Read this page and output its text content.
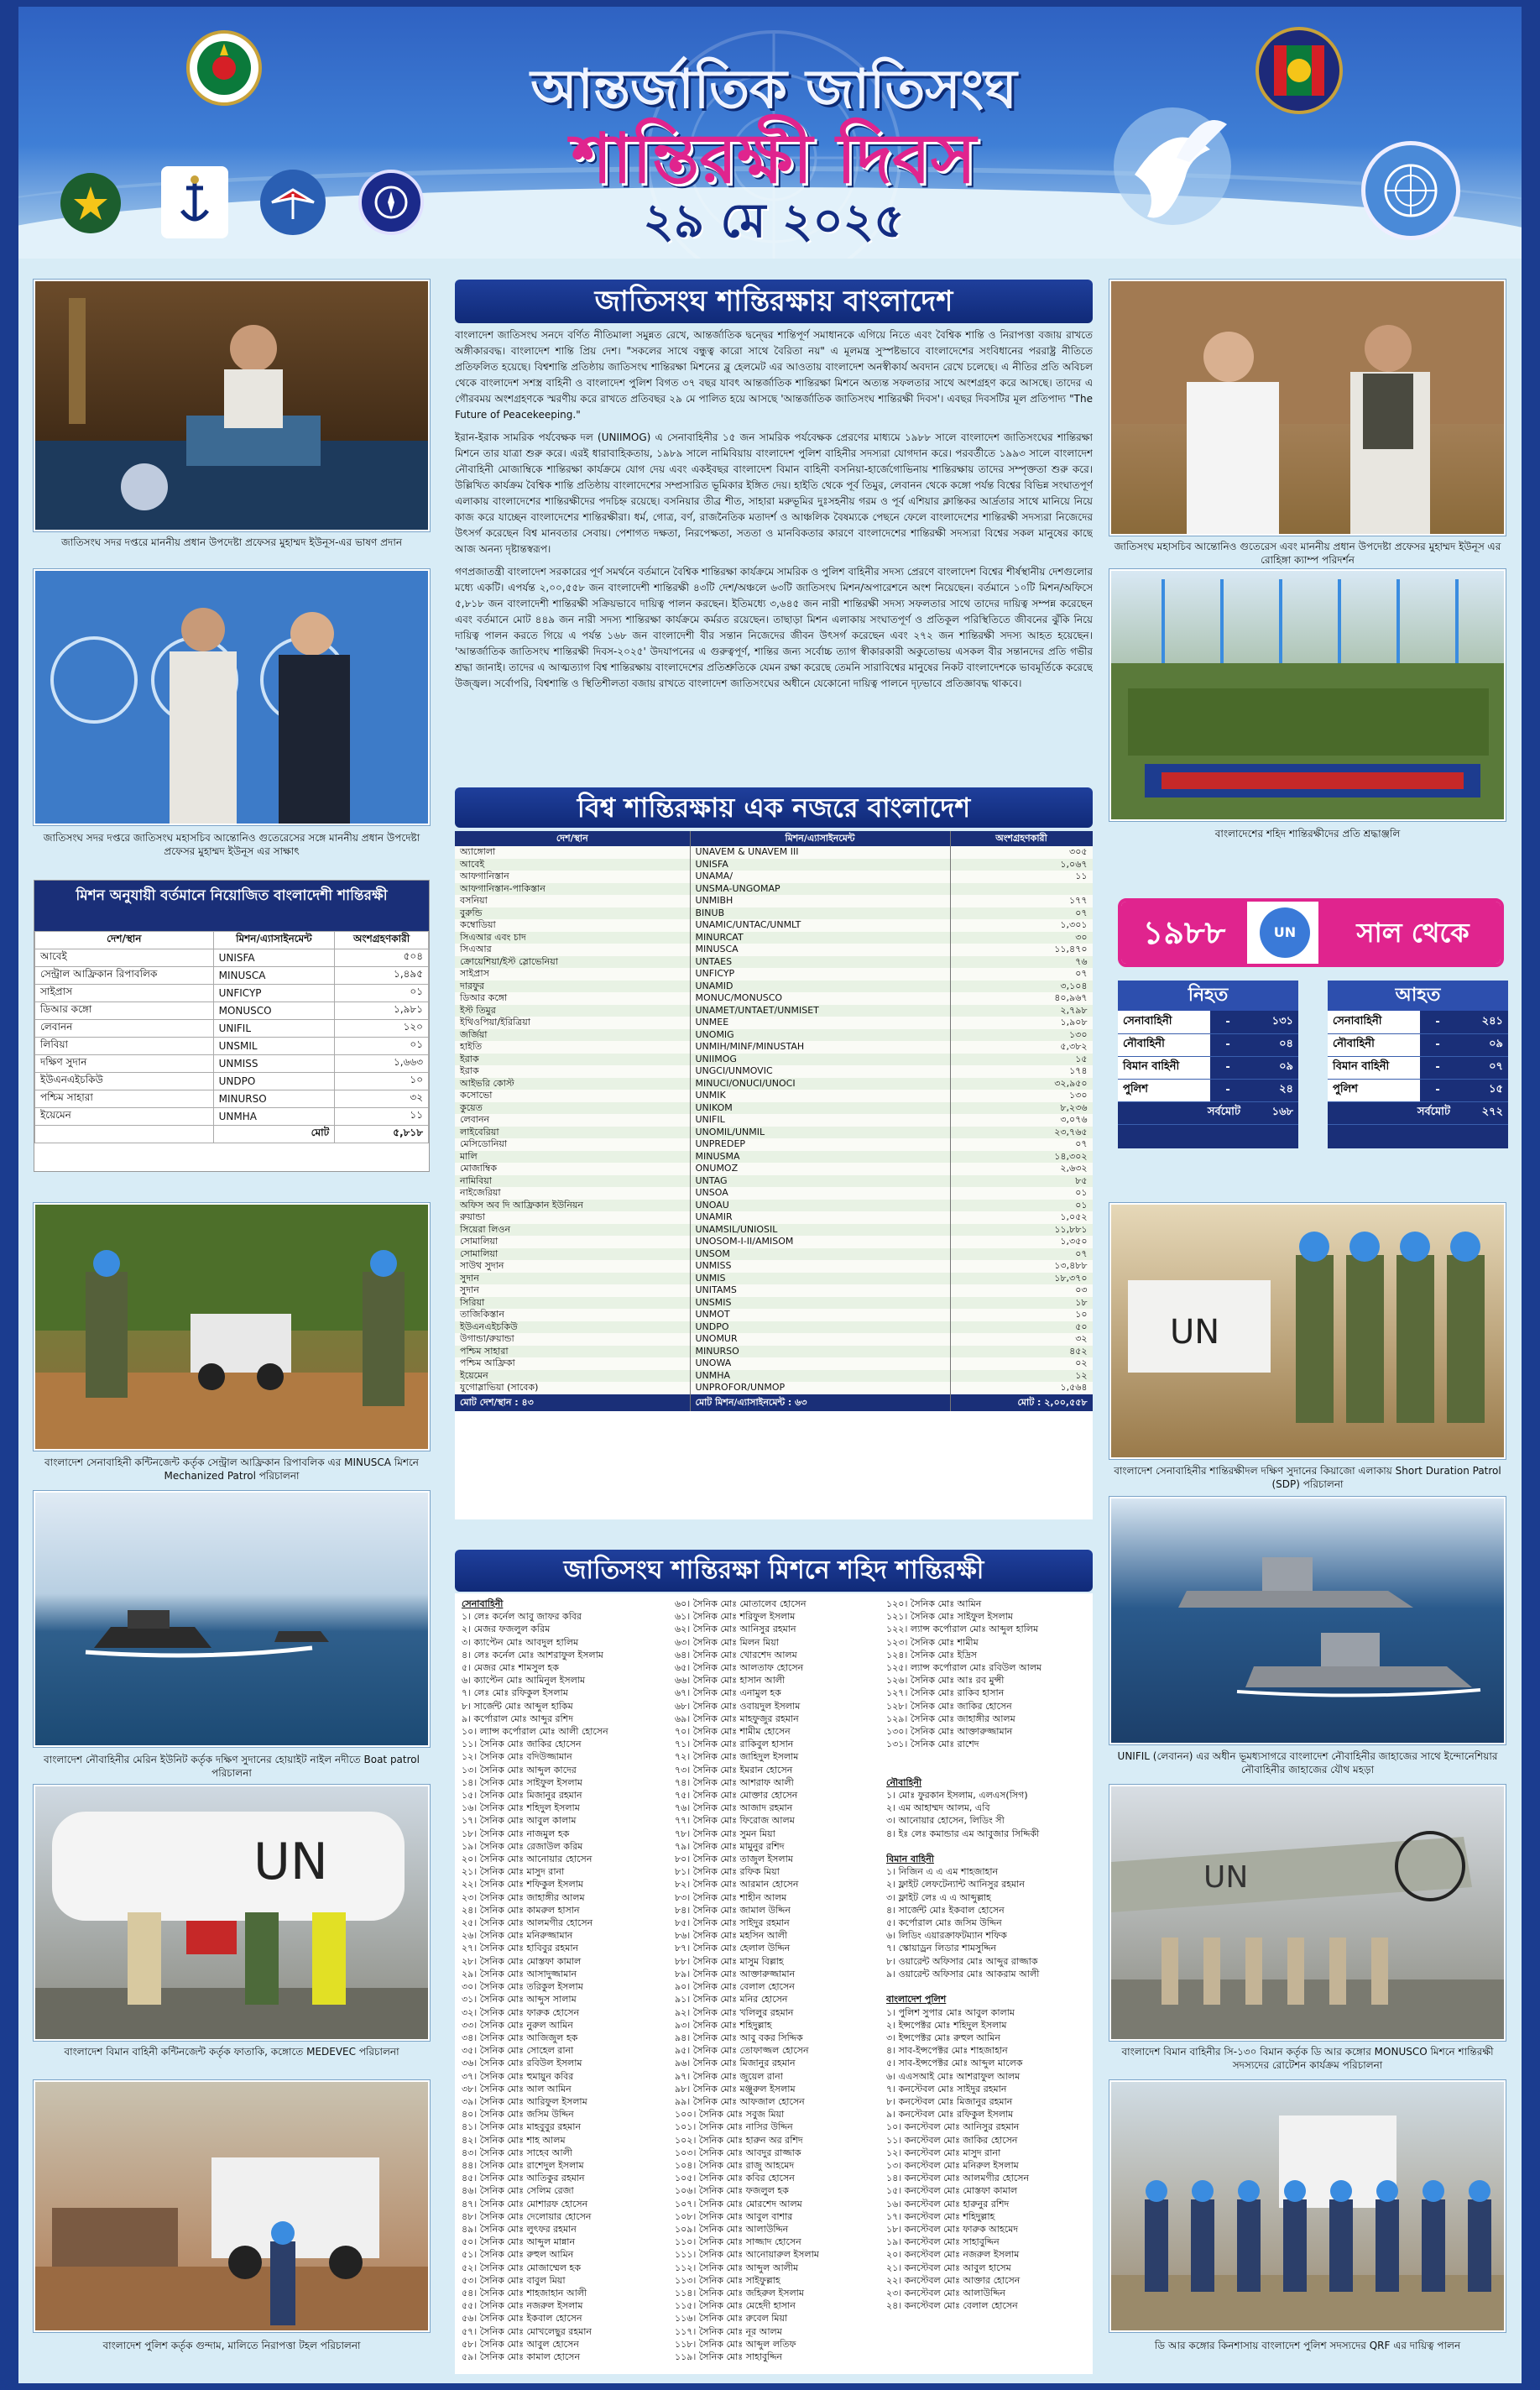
আন্তর্জাতিক জাতিসংঘ
শান্তিরক্ষী দিবস
২৯ মে ২০২৫
জাতিসংঘ সদর দপ্তরে মাননীয় প্রধান উপদেষ্টা প্রফেসর মুহাম্মদ ইউনূস-এর ভাষণ প্রদান
জাতিসংঘ সদর দপ্তরে জাতিসংঘ মহাসচিব আন্তোনিও গুতেরেসের সঙ্গে মাননীয় প্রধান উপদেষ্টা প্রফেসর মুহাম্মদ ইউনূস এর সাক্ষাৎ
মিশন অনুযায়ী বর্তমানে নিয়োজিত বাংলাদেশী শান্তিরক্ষী
দেশ/স্থান	মিশন/এ্যাসাইনমেন্ট	অংশগ্রহণকারী
আবেই	UNISFA	৫০৪
সেন্ট্রাল আফ্রিকান রিপাবলিক	MINUSCA	১,৪৯৫
সাইপ্রাস	UNFICYP	০১
ডিআর কঙ্গো	MONUSCO	১,৯৮১
লেবানন	UNIFIL	১২০
লিবিয়া	UNSMIL	০১
দক্ষিণ সুদান	UNMISS	১,৬৬৩
ইউএনএইচকিউ	UNDPO	১০
পশ্চিম সাহারা	MINURSO	৩২
ইয়েমেন	UNMHA	১১
	মোট	৫,৮১৮
বাংলাদেশ সেনাবাহিনী কন্টিনজেন্ট কর্তৃক সেন্ট্রাল আফ্রিকান রিপাবলিক এর MINUSCA মিশনে Mechanized Patrol পরিচালনা
বাংলাদেশ নৌবাহিনীর মেরিন ইউনিট কর্তৃক দক্ষিণ সুদানের হোয়াইট নাইল নদীতে Boat patrol পরিচালনা
UN
বাংলাদেশ বিমান বাহিনী কন্টিনজেন্ট কর্তৃক ফাতাকি, কঙ্গোতে MEDEVEC পরিচালনা
বাংলাদেশ পুলিশ কর্তৃক গুন্দাম, মালিতে নিরাপত্তা টহল পরিচালনা
জাতিসংঘ মহাসচিব আন্তোনিও গুতেরেস এবং মাননীয় প্রধান উপদেষ্টা প্রফেসর মুহাম্মদ ইউনূস এর রোহিঙ্গা ক্যাম্প পরিদর্শন
বাংলাদেশের শহিদ শান্তিরক্ষীদের প্রতি শ্রদ্ধাঞ্জলি
১৯৮৮	UN	সাল থেকে
নিহত
সেনাবাহিনী	-	১৩১
নৌবাহিনী	-	০৪
বিমান বাহিনী	-	০৯
পুলিশ	-	২৪
সর্বমোট		১৬৮
আহত
সেনাবাহিনী	-	২৪১
নৌবাহিনী	-	০৯
বিমান বাহিনী	-	০৭
পুলিশ	-	১৫
সর্বমোট		২৭২
UN
বাংলাদেশ সেনাবাহিনীর শান্তিরক্ষীদল দক্ষিণ সুদানের কিয়াজো এলাকায় Short Duration Patrol (SDP) পরিচালনা
UNIFIL (লেবানন) এর অধীন ভূমধ্যসাগরে বাংলাদেশ নৌবাহিনীর জাহাজের সাথে ইন্দোনেশিয়ার নৌবাহিনীর জাহাজের যৌথ মহড়া
UN
বাংলাদেশ বিমান বাহিনীর সি-১৩০ বিমান কর্তৃক ডি আর কঙ্গোর MONUSCO মিশনে শান্তিরক্ষী সদস্যদের রোটেশন কার্যক্রম পরিচালনা
ডি আর কঙ্গোর কিনশাসায় বাংলাদেশ পুলিশ সদস্যদের QRF এর দায়িত্ব পালন
জাতিসংঘ শান্তিরক্ষায় বাংলাদেশ

বাংলাদেশ জাতিসংঘ সনদে বর্ণিত নীতিমালা সমুন্নত রেখে, আন্তর্জাতিক দ্বন্দ্বের শান্তিপূর্ণ সমাধানকে এগিয়ে নিতে এবং বৈশ্বিক শান্তি ও নিরাপত্তা বজায় রাখতে অঙ্গীকারবদ্ধ। বাংলাদেশ শান্তি প্রিয় দেশ। "সকলের সাথে বন্ধুত্ব কারো সাথে বৈরিতা নয়" এ মূলমন্ত্র সুস্পষ্টভাবে বাংলাদেশের সংবিধানের পররাষ্ট্র নীতিতে প্রতিফলিত হয়েছে। বিশ্বশান্তি প্রতিষ্ঠায় জাতিসংঘ শান্তিরক্ষা মিশনের ব্লু হেলমেট এর আওতায় বাংলাদেশ অনস্বীকার্য অবদান রেখে চলেছে। এ নীতির প্রতি অবিচল থেকে বাংলাদেশ সশস্ত্র বাহিনী ও বাংলাদেশ পুলিশ বিগত ৩৭ বছর যাবৎ আন্তর্জাতিক শান্তিরক্ষা মিশনে অত্যন্ত সফলতার সাথে অংশগ্রহণ করে আসছে। তাদের এ গৌরবময় অংশগ্রহণকে স্মরণীয় করে রাখতে প্রতিবছর ২৯ মে পালিত হয়ে আসছে 'আন্তর্জাতিক জাতিসংঘ শান্তিরক্ষী দিবস'। এবছর দিবসটির মূল প্রতিপাদ্য "The Future of Peacekeeping."

ইরান-ইরাক সামরিক পর্যবেক্ষক দল (UNIIMOG) এ সেনাবাহিনীর ১৫ জন সামরিক পর্যবেক্ষক প্রেরণের মাধ্যমে ১৯৮৮ সালে বাংলাদেশ জাতিসংঘের শান্তিরক্ষা মিশনে তার যাত্রা শুরু করে। এরই ধারাবাহিকতায়, ১৯৮৯ সালে নামিবিয়ায় বাংলাদেশ পুলিশ বাহিনীর সদস্যরা যোগদান করে। পরবর্তীতে ১৯৯৩ সালে বাংলাদেশ নৌবাহিনী মোজাম্বিকে শান্তিরক্ষা কার্যক্রমে যোগ দেয় এবং একইবছর বাংলাদেশ বিমান বাহিনী বসনিয়া-হার্জেগোভিনায় শান্তিরক্ষায় তাদের সম্পৃক্ততা শুরু করে। উল্লিখিত কার্যক্রম বৈশ্বিক শান্তি প্রতিষ্ঠায় বাংলাদেশের সম্প্রসারিত ভূমিকার ইঙ্গিত দেয়। হাইতি থেকে পূর্ব তিমুর, লেবানন থেকে কঙ্গো পর্যন্ত বিশ্বের বিভিন্ন সংঘাতপূর্ণ এলাকায় বাংলাদেশের শান্তিরক্ষীদের পদচিহ্ন রয়েছে। বসনিয়ার তীব্র শীত, সাহারা মরুভূমির দুঃসহনীয় গরম ও পূর্ব এশিয়ার ক্লান্তিকর আর্দ্রতার সাথে মানিয়ে নিয়ে কাজ করে যাচ্ছেন বাংলাদেশের শান্তিরক্ষীরা। ধর্ম, গোত্র, বর্ণ, রাজনৈতিক মতাদর্শ ও আঞ্চলিক বৈষম্যকে পেছনে ফেলে বাংলাদেশের শান্তিরক্ষী সদস্যরা নিজেদের উৎসর্গ করেছেন বিশ্ব মানবতার সেবায়। পেশাগত দক্ষতা, নিরপেক্ষতা, সততা ও মানবিকতার কারণে বাংলাদেশের শান্তিরক্ষী সদস্যরা বিশ্বের সকল মানুষের কাছে আজ অনন্য দৃষ্টান্তস্বরূপ।

গণপ্রজাতন্ত্রী বাংলাদেশ সরকারের পূর্ণ সমর্থনে বর্তমানে বৈশ্বিক শান্তিরক্ষা কার্যক্রমে সামরিক ও পুলিশ বাহিনীর সদস্য প্রেরণে বাংলাদেশ বিশ্বের শীর্ষস্থানীয় দেশগুলোর মধ্যে একটি। এপর্যন্ত ২,০০,৫৫৮ জন বাংলাদেশী শান্তিরক্ষী ৪৩টি দেশ/অঞ্চলে ৬৩টি জাতিসংঘ মিশন/অপারেশনে অংশ নিয়েছেন। বর্তমানে ১০টি মিশন/অফিসে ৫,৮১৮ জন বাংলাদেশী শান্তিরক্ষী সক্রিয়ভাবে দায়িত্ব পালন করছেন। ইতিমধ্যে ৩,৬৪৫ জন নারী শান্তিরক্ষী সদস্য সফলতার সাথে তাদের দায়িত্ব সম্পন্ন করেছেন এবং বর্তমানে মোট ৪৪৯ জন নারী সদস্য শান্তিরক্ষা কার্যক্রমে কর্মরত রয়েছেন। তাছাড়া মিশন এলাকায় সংঘাতপূর্ণ ও প্রতিকূল পরিস্থিতিতে জীবনের ঝুঁকি নিয়ে দায়িত্ব পালন করতে গিয়ে এ পর্যন্ত ১৬৮ জন বাংলাদেশী বীর সন্তান নিজেদের জীবন উৎসর্গ করেছেন এবং ২৭২ জন শান্তিরক্ষী সদস্য আহত হয়েছেন। 'আন্তর্জাতিক জাতিসংঘ শান্তিরক্ষী দিবস-২০২৫' উদযাপনের এ গুরুত্বপূর্ণ, শান্তির জন্য সর্বোচ্চ ত্যাগ স্বীকারকারী অকুতোভয় এসকল বীর সন্তানদের প্রতি গভীর শ্রদ্ধা জানাই। তাদের এ আত্মত্যাগ বিশ্ব শান্তিরক্ষায় বাংলাদেশের প্রতিশ্রুতিকে যেমন রক্ষা করেছে তেমনি সারাবিশ্বের মানুষের নিকট বাংলাদেশকে ভাবমূর্তিকে করেছে উজ্জ্বল। সর্বোপরি, বিশ্বশান্তি ও স্থিতিশীলতা বজায় রাখতে বাংলাদেশ জাতিসংঘের অধীনে যেকোনো দায়িত্ব পালনে দৃঢ়ভাবে প্রতিজ্ঞাবদ্ধ থাকবে।

বিশ্ব শান্তিরক্ষায় এক নজরে বাংলাদেশ
দেশ/স্থান	মিশন/এ্যাসাইনমেন্ট	অংশগ্রহণকারী
অ্যাঙ্গোলা	UNAVEM & UNAVEM III	৩০৫
আবেই	UNISFA	১,০৬৭
আফগানিস্তান	UNAMA/	১১
আফগানিস্তান-পাকিস্তান	UNSMA-UNGOMAP	
বসনিয়া	UNMIBH	১৭৭
বুরুন্ডি	BINUB	০৭
কম্বোডিয়া	UNAMIC/UNTAC/UNMLT	১,৩০১
সিএআর এবং চাদ	MINURCAT	৩০
সিএআর	MINUSCA	১১,৪৭০
ক্রোয়েশিয়া/ইস্ট স্লোভেনিয়া	UNTAES	৭৬
সাইপ্রাস	UNFICYP	০৭
দারফুর	UNAMID	৩,১০৪
ডিআর কঙ্গো	MONUC/MONUSCO	৪০,৯৬৭
ইস্ট তিমুর	UNAMET/UNTAET/UNMISET	২,৭৯৮
ইথিওপিয়া/ইরিত্রিয়া	UNMEE	১,৯০৮
জর্জিয়া	UNOMIG	১৩০
হাইতি	UNMIH/MINF/MINUSTAH	৫,৩৮২
ইরাক	UNIIMOG	১৫
ইরাক	UNGCI/UNMOVIC	১৭৪
আইভরি কোস্ট	MINUCI/ONUCI/UNOCI	৩২,৯৫০
কসোভো	UNMIK	১৩০
কুয়েত	UNIKOM	৮,২৩৬
লেবানন	UNIFIL	৩,০৭৬
লাইবেরিয়া	UNOMIL/UNMIL	২৩,৭৬৫
মেসিডোনিয়া	UNPREDEP	০৭
মালি	MINUSMA	১৪,৩০২
মোজাম্বিক	ONUMOZ	২,৬৩২
নামিবিয়া	UNTAG	৮৫
নাইজেরিয়া	UNSOA	০১
অফিস অব দি আফ্রিকান ইউনিয়ন	UNOAU	০১
রুয়ান্ডা	UNAMIR	১,০৫২
সিয়েরা লিওন	UNAMSIL/UNIOSIL	১১,৮৮১
সোমালিয়া	UNOSOM-I-II/AMISOM	১,৩৫০
সোমালিয়া	UNSOM	০৭
সাউথ সুদান	UNMISS	১৩,৪৮৮
সুদান	UNMIS	১৮,৩৭০
সুদান	UNITAMS	০৩
সিরিয়া	UNSMIS	১৮
তাজিকিস্তান	UNMOT	১০
ইউএনএইচকিউ	UNDPO	৫০
উগান্ডা/রুয়ান্ডা	UNOMUR	৩২
পশ্চিম সাহারা	MINURSO	৪৫২
পশ্চিম আফ্রিকা	UNOWA	০২
ইয়েমেন	UNMHA	১২
যুগোস্লাভিয়া (সাবেক)	UNPROFOR/UNMOP	১,৫৬৪
মোট দেশ/স্থান : ৪৩	মোট মিশন/এ্যাসাইনমেন্ট : ৬৩	মোট : ২,০০,৫৫৮
জাতিসংঘ শান্তিরক্ষা মিশনে শহিদ শান্তিরক্ষী
সেনাবাহিনী
১। লেঃ কর্নেল আবু জাফর কবির
২। মেজর ফজলুল করিম
৩। ক্যাপ্টেন মোঃ আবদুল হালিম
৪। লেঃ কর্নেল মোঃ আশরাফুল ইসলাম
৫। মেজর মোঃ শামসুল হক
৬। ক্যাপ্টেন মোঃ আমিনুল ইসলাম
৭। লেঃ মোঃ রফিকুল ইসলাম
৮। সার্জেন্ট মোঃ আব্দুল হাকিম
৯। কর্পোরাল মোঃ আব্দুর রশিদ
১০। ল্যান্স কর্পোরাল মোঃ আলী হোসেন
১১। সৈনিক মোঃ জাকির হোসেন
১২। সৈনিক মোঃ বদিউজ্জামান
১৩। সৈনিক মোঃ আব্দুল কাদের
১৪। সৈনিক মোঃ সাইফুল ইসলাম
১৫। সৈনিক মোঃ মিজানুর রহমান
১৬। সৈনিক মোঃ শহিদুল ইসলাম
১৭। সৈনিক মোঃ আবুল কালাম
১৮। সৈনিক মোঃ নাজমুল হক
১৯। সৈনিক মোঃ রেজাউল করিম
২০। সৈনিক মোঃ আনোয়ার হোসেন
২১। সৈনিক মোঃ মাসুদ রানা
২২। সৈনিক মোঃ শফিকুল ইসলাম
২৩। সৈনিক মোঃ জাহাঙ্গীর আলম
২৪। সৈনিক মোঃ কামরুল হাসান
২৫। সৈনিক মোঃ আলমগীর হোসেন
২৬। সৈনিক মোঃ মনিরুজ্জামান
২৭। সৈনিক মোঃ হাবিবুর রহমান
২৮। সৈনিক মোঃ মোস্তফা কামাল
২৯। সৈনিক মোঃ আসাদুজ্জামান
৩০। সৈনিক মোঃ তরিকুল ইসলাম
৩১। সৈনিক মোঃ আব্দুস সালাম
৩২। সৈনিক মোঃ ফারুক হোসেন
৩৩। সৈনিক মোঃ নুরুল আমিন
৩৪। সৈনিক মোঃ আজিজুল হক
৩৫। সৈনিক মোঃ সোহেল রানা
৩৬। সৈনিক মোঃ রবিউল ইসলাম
৩৭। সৈনিক মোঃ হুমায়ুন কবির
৩৮। সৈনিক মোঃ আল আমিন
৩৯। সৈনিক মোঃ আরিফুল ইসলাম
৪০। সৈনিক মোঃ জসিম উদ্দিন
৪১। সৈনিক মোঃ মাহবুবুর রহমান
৪২। সৈনিক মোঃ শাহ আলম
৪৩। সৈনিক মোঃ সাহেব আলী
৪৪। সৈনিক মোঃ রাশেদুল ইসলাম
৪৫। সৈনিক মোঃ আতিকুর রহমান
৪৬। সৈনিক মোঃ সেলিম রেজা
৪৭। সৈনিক মোঃ মোশারফ হোসেন
৪৮। সৈনিক মোঃ দেলোয়ার হোসেন
৪৯। সৈনিক মোঃ লুৎফর রহমান
৫০। সৈনিক মোঃ আব্দুল মান্নান
৫১। সৈনিক মোঃ রুহুল আমিন
৫২। সৈনিক মোঃ মোজাম্মেল হক
৫৩। সৈনিক মোঃ বাবুল মিয়া
৫৪। সৈনিক মোঃ শাহজাহান আলী
৫৫। সৈনিক মোঃ নজরুল ইসলাম
৫৬। সৈনিক মোঃ ইকবাল হোসেন
৫৭। সৈনিক মোঃ মোখলেছুর রহমান
৫৮। সৈনিক মোঃ আবুল হোসেন
৫৯। সৈনিক মোঃ কামাল হোসেন
৬০। সৈনিক মোঃ মোতালেব হোসেন
৬১। সৈনিক মোঃ শরিফুল ইসলাম
৬২। সৈনিক মোঃ আনিসুর রহমান
৬৩। সৈনিক মোঃ মিলন মিয়া
৬৪। সৈনিক মোঃ খোরশেদ আলম
৬৫। সৈনিক মোঃ আলতাফ হোসেন
৬৬। সৈনিক মোঃ হাসান আলী
৬৭। সৈনিক মোঃ এনামুল হক
৬৮। সৈনিক মোঃ ওবায়দুল ইসলাম
৬৯। সৈনিক মোঃ মাহফুজুর রহমান
৭০। সৈনিক মোঃ শামীম হোসেন
৭১। সৈনিক মোঃ রাকিবুল হাসান
৭২। সৈনিক মোঃ জাহিদুল ইসলাম
৭৩। সৈনিক মোঃ ইমরান হোসেন
৭৪। সৈনিক মোঃ আশরাফ আলী
৭৫। সৈনিক মোঃ মোক্তার হোসেন
৭৬। সৈনিক মোঃ আজাদ রহমান
৭৭। সৈনিক মোঃ ফিরোজ আলম
৭৮। সৈনিক মোঃ সুমন মিয়া
৭৯। সৈনিক মোঃ মামুনুর রশিদ
৮০। সৈনিক মোঃ তাজুল ইসলাম
৮১। সৈনিক মোঃ রফিক মিয়া
৮২। সৈনিক মোঃ আরমান হোসেন
৮৩। সৈনিক মোঃ শাহীন আলম
৮৪। সৈনিক মোঃ জামাল উদ্দিন
৮৫। সৈনিক মোঃ সাইদুর রহমান
৮৬। সৈনিক মোঃ মহসিন আলী
৮৭। সৈনিক মোঃ হেলাল উদ্দিন
৮৮। সৈনিক মোঃ মাসুম বিল্লাহ
৮৯। সৈনিক মোঃ আক্তারুজ্জামান
৯০। সৈনিক মোঃ বেলাল হোসেন
৯১। সৈনিক মোঃ মনির হোসেন
৯২। সৈনিক মোঃ খলিলুর রহমান
৯৩। সৈনিক মোঃ শহিদুল্লাহ
৯৪। সৈনিক মোঃ আবু বকর সিদ্দিক
৯৫। সৈনিক মোঃ তোফাজ্জল হোসেন
৯৬। সৈনিক মোঃ মিজানুর রহমান
৯৭। সৈনিক মোঃ জুয়েল রানা
৯৮। সৈনিক মোঃ মঞ্জুরুল ইসলাম
৯৯। সৈনিক মোঃ আফজাল হোসেন
১০০। সৈনিক মোঃ সবুজ মিয়া
১০১। সৈনিক মোঃ নাসির উদ্দিন
১০২। সৈনিক মোঃ হারুন অর রশিদ
১০৩। সৈনিক মোঃ আবদুর রাজ্জাক
১০৪। সৈনিক মোঃ রাজু আহমেদ
১০৫। সৈনিক মোঃ কবির হোসেন
১০৬। সৈনিক মোঃ ফজলুল হক
১০৭। সৈনিক মোঃ মোরশেদ আলম
১০৮। সৈনিক মোঃ আবুল বাশার
১০৯। সৈনিক মোঃ আলাউদ্দিন
১১০। সৈনিক মোঃ সাজ্জাদ হোসেন
১১১। সৈনিক মোঃ আনোয়ারুল ইসলাম
১১২। সৈনিক মোঃ আব্দুল আলীম
১১৩। সৈনিক মোঃ সাইফুল্লাহ
১১৪। সৈনিক মোঃ জহিরুল ইসলাম
১১৫। সৈনিক মোঃ মেহেদী হাসান
১১৬। সৈনিক মোঃ রুবেল মিয়া
১১৭। সৈনিক মোঃ নূর আলম
১১৮। সৈনিক মোঃ আব্দুল লতিফ
১১৯। সৈনিক মোঃ সাহাবুদ্দিন
১২০। সৈনিক মোঃ আমিন
১২১। সৈনিক মোঃ সাইফুল ইসলাম
১২২। ল্যান্স কর্পোরাল মোঃ আব্দুল হালিম
১২৩। সৈনিক মোঃ শামীম
১২৪। সৈনিক মোঃ ইদ্রিস
১২৫। ল্যান্স কর্পোরাল মোঃ রবিউল আলম
১২৬। সৈনিক মোঃ আঃ রব মুন্সী
১২৭। সৈনিক মোঃ রাকিব হাসান
১২৮। সৈনিক মোঃ জাকির হোসেন
১২৯। সৈনিক মোঃ জাহাঙ্গীর আলম
১৩০। সৈনিক মোঃ আক্তারুজ্জামান
১৩১। সৈনিক মোঃ রাশেদ

নৌবাহিনী
১। মোঃ ফুরকান ইসলাম, এলএস(সিগ)
২। এম আহাম্মদ আলম, এবি
৩। আনোয়ার হোসেন, লিডিং সী
৪। ইঃ লেঃ কমান্ডার এম আবুজার সিদ্দিকী

বিমান বাহিনী
১। নিজিন এ এ এম শাহজাহান
২। ফ্লাইট লেফটেন্যান্ট আনিসুর রহমান
৩। ফ্লাইট লেঃ এ এ আব্দুল্লাহ
৪। সার্জেন্ট মোঃ ইকবাল হোসেন
৫। কর্পোরাল মোঃ জসিম উদ্দিন
৬। লিডিং এয়ারক্রাফটম্যান শফিক
৭। স্কোয়াড্রন লিডার শামসুদ্দিন
৮। ওয়ারেন্ট অফিসার মোঃ আব্দুর রাজ্জাক
৯। ওয়ারেন্ট অফিসার মোঃ আকরাম আলী

বাংলাদেশ পুলিশ
১। পুলিশ সুপার মোঃ আবুল কালাম
২। ইন্সপেক্টর মোঃ শহিদুল ইসলাম
৩। ইন্সপেক্টর মোঃ রুহুল আমিন
৪। সাব-ইন্সপেক্টর মোঃ শাহজাহান
৫। সাব-ইন্সপেক্টর মোঃ আব্দুল মালেক
৬। এএসআই মোঃ আশরাফুল আলম
৭। কনস্টেবল মোঃ সাইদুর রহমান
৮। কনস্টেবল মোঃ মিজানুর রহমান
৯। কনস্টেবল মোঃ রফিকুল ইসলাম
১০। কনস্টেবল মোঃ আনিসুর রহমান
১১। কনস্টেবল মোঃ জাকির হোসেন
১২। কনস্টেবল মোঃ মাসুদ রানা
১৩। কনস্টেবল মোঃ মনিরুল ইসলাম
১৪। কনস্টেবল মোঃ আলমগীর হোসেন
১৫। কনস্টেবল মোঃ মোস্তফা কামাল
১৬। কনস্টেবল মোঃ হারুনুর রশিদ
১৭। কনস্টেবল মোঃ শহিদুল্লাহ
১৮। কনস্টেবল মোঃ ফারুক আহমেদ
১৯। কনস্টেবল মোঃ সাহাবুদ্দিন
২০। কনস্টেবল মোঃ নজরুল ইসলাম
২১। কনস্টেবল মোঃ আবুল হাসেম
২২। কনস্টেবল মোঃ আক্তার হোসেন
২৩। কনস্টেবল মোঃ আলাউদ্দিন
২৪। কনস্টেবল মোঃ বেলাল হোসেন
